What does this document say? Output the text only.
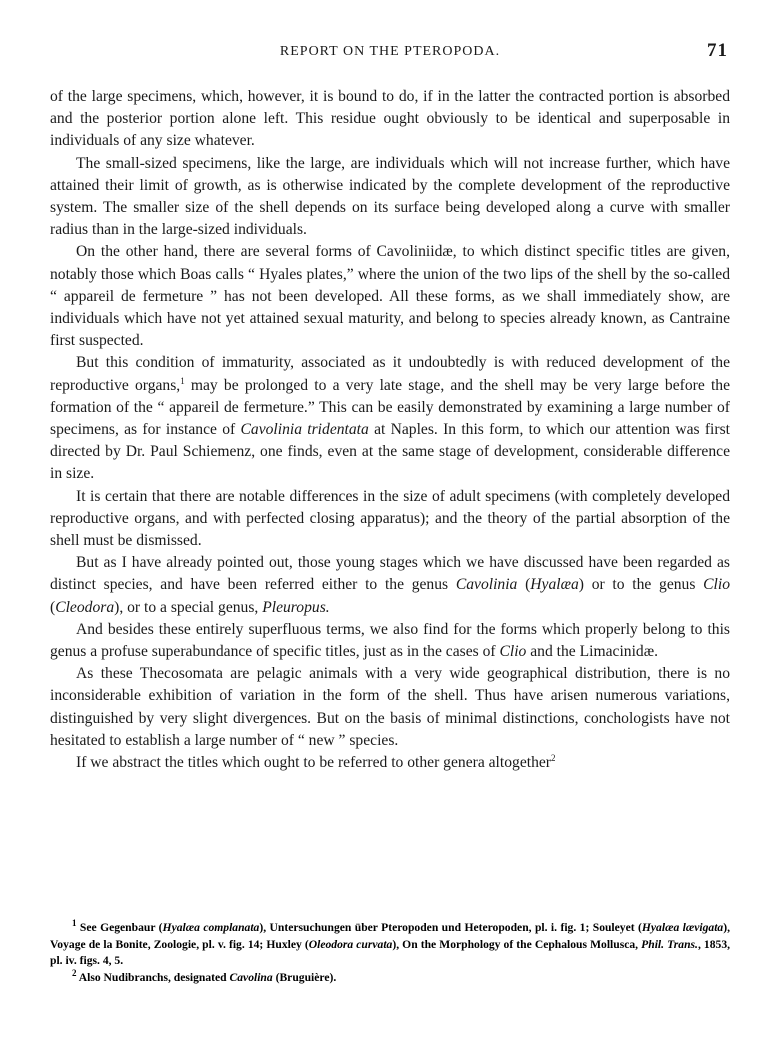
REPORT ON THE PTEROPODA.	71

of the large specimens, which, however, it is bound to do, if in the latter the contracted portion is absorbed and the posterior portion alone left. This residue ought obviously to be identical and superposable in individuals of any size whatever.

The small-sized specimens, like the large, are individuals which will not increase further, which have attained their limit of growth, as is otherwise indicated by the complete development of the reproductive system. The smaller size of the shell depends on its surface being developed along a curve with smaller radius than in the large-sized individuals.

On the other hand, there are several forms of Cavoliniidæ, to which distinct specific titles are given, notably those which Boas calls “ Hyales plates,” where the union of the two lips of the shell by the so-called “ appareil de fermeture ” has not been developed. All these forms, as we shall immediately show, are individuals which have not yet attained sexual maturity, and belong to species already known, as Cantraine first suspected.

But this condition of immaturity, associated as it undoubtedly is with reduced development of the reproductive organs,$^1$ may be prolonged to a very late stage, and the shell may be very large before the formation of the “ appareil de fermeture.” This can be easily demonstrated by examining a large number of specimens, as for instance of Cavolinia tridentata at Naples. In this form, to which our attention was first directed by Dr. Paul Schiemenz, one finds, even at the same stage of development, considerable difference in size.

It is certain that there are notable differences in the size of adult specimens (with completely developed reproductive organs, and with perfected closing apparatus); and the theory of the partial absorption of the shell must be dismissed.

But as I have already pointed out, those young stages which we have discussed have been regarded as distinct species, and have been referred either to the genus Cavolinia (Hyalæa) or to the genus Clio (Cleodora), or to a special genus, Pleuropus.

And besides these entirely superfluous terms, we also find for the forms which properly belong to this genus a profuse superabundance of specific titles, just as in the cases of Clio and the Limacinidæ.

As these Thecosomata are pelagic animals with a very wide geographical distribution, there is no inconsiderable exhibition of variation in the form of the shell. Thus have arisen numerous variations, distinguished by very slight divergences. But on the basis of minimal distinctions, conchologists have not hesitated to establish a large number of “ new ” species.

If we abstract the titles which ought to be referred to other genera altogether$^2$

$^1$ See Gegenbaur (Hyalæa complanata), Untersuchungen über Pteropoden und Heteropoden, pl. i. fig. 1; Souleyet (Hyalæa lævigata), Voyage de la Bonite, Zoologie, pl. v. fig. 14; Huxley (Oleodora curvata), On the Morphology of the Cephalous Mollusca, Phil. Trans., 1853, pl. iv. figs. 4, 5.

$^2$ Also Nudibranchs, designated Cavolina (Bruguière).
